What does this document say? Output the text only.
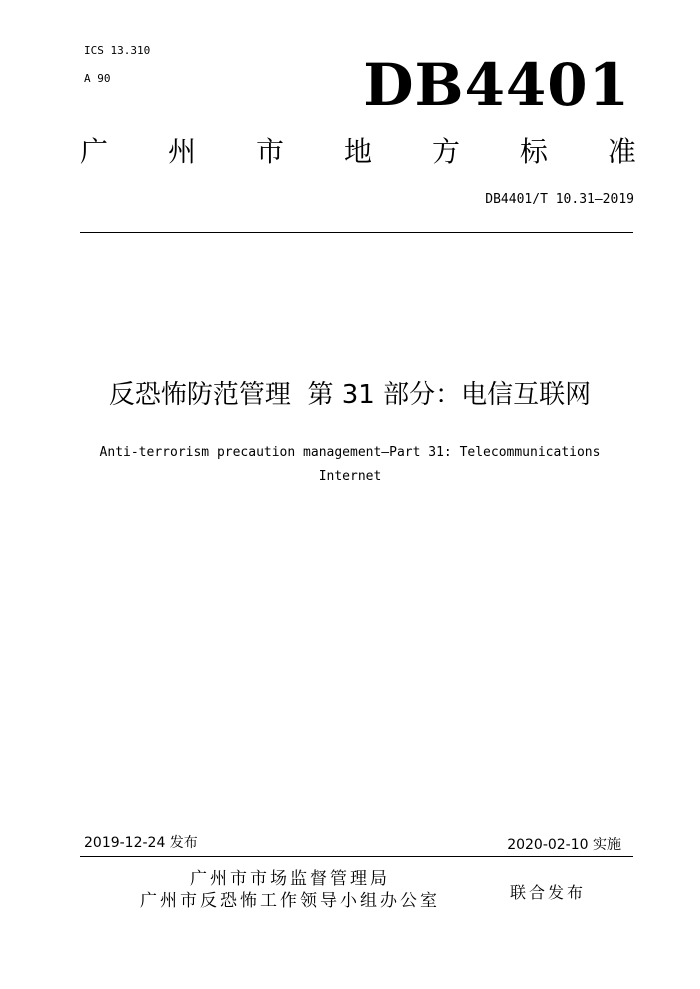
ICS 13.310
A 90	DB4401
广 州 市 地 方 标 准
DB4401/T 10.31—2019
反恐怖防范管理  第 31 部分：电信互联网
Anti-terrorism precaution management—Part 31: Telecommunications
Internet
2019-12-24 发布	2020-02-10 实施
广州市市场监督管理局
广州市反恐怖工作领导小组办公室	联合发布
